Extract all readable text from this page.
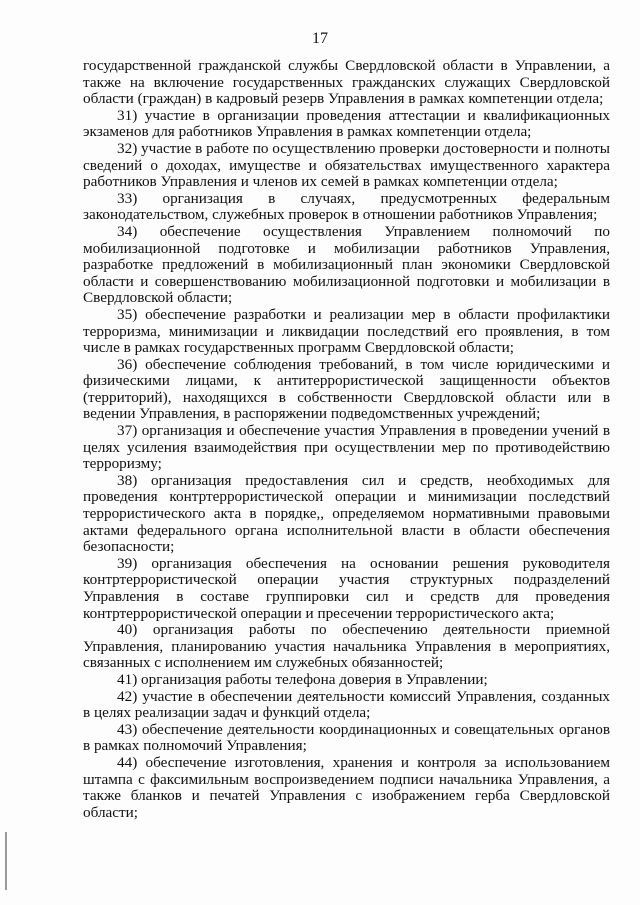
17

государственной гражданской службы Свердловской области в Управлении, а также на включение государственных гражданских служащих Свердловской области (граждан) в кадровый резерв Управления в рамках компетенции отдела;

31) участие в организации проведения аттестации и квалификационных экзаменов для работников Управления в рамках компетенции отдела;

32) участие в работе по осуществлению проверки достоверности и полноты сведений о доходах, имуществе и обязательствах имущественного характера работников Управления и членов их семей в рамках компетенции отдела;

33) организация в случаях, предусмотренных федеральным законодательством, служебных проверок в отношении работников Управления;

34) обеспечение осуществления Управлением полномочий по мобилизационной подготовке и мобилизации работников Управления, разработке предложений в мобилизационный план экономики Свердловской области и совершенствованию мобилизационной подготовки и мобилизации в Свердловской области;

35) обеспечение разработки и реализации мер в области профилактики терроризма, минимизации и ликвидации последствий его проявления, в том числе в рамках государственных программ Свердловской области;

36) обеспечение соблюдения требований, в том числе юридическими и физическими лицами, к антитеррористической защищенности объектов (территорий), находящихся в собственности Свердловской области или в ведении Управления, в распоряжении подведомственных учреждений;

37) организация и обеспечение участия Управления в проведении учений в целях усиления взаимодействия при осуществлении мер по противодействию терроризму;

38) организация предоставления сил и средств, необходимых для проведения контртеррористической операции и минимизации последствий террористического акта в порядке,, определяемом нормативными правовыми актами федерального органа исполнительной власти в области обеспечения безопасности;

39) организация обеспечения на основании решения руководителя контртеррористической операции участия структурных подразделений Управления в составе группировки сил и средств для проведения контртеррористической операции и пресечении террористического акта;

40) организация работы по обеспечению деятельности приемной Управления, планированию участия начальника Управления в мероприятиях, связанных с исполнением им служебных обязанностей;

41) организация работы телефона доверия в Управлении;

42) участие в обеспечении деятельности комиссий Управления, созданных в целях реализации задач и функций отдела;

43) обеспечение деятельности координационных и совещательных органов в рамках полномочий Управления;

44) обеспечение изготовления, хранения и контроля за использованием штампа с факсимильным воспроизведением подписи начальника Управления, а также бланков и печатей Управления с изображением герба Свердловской области;
